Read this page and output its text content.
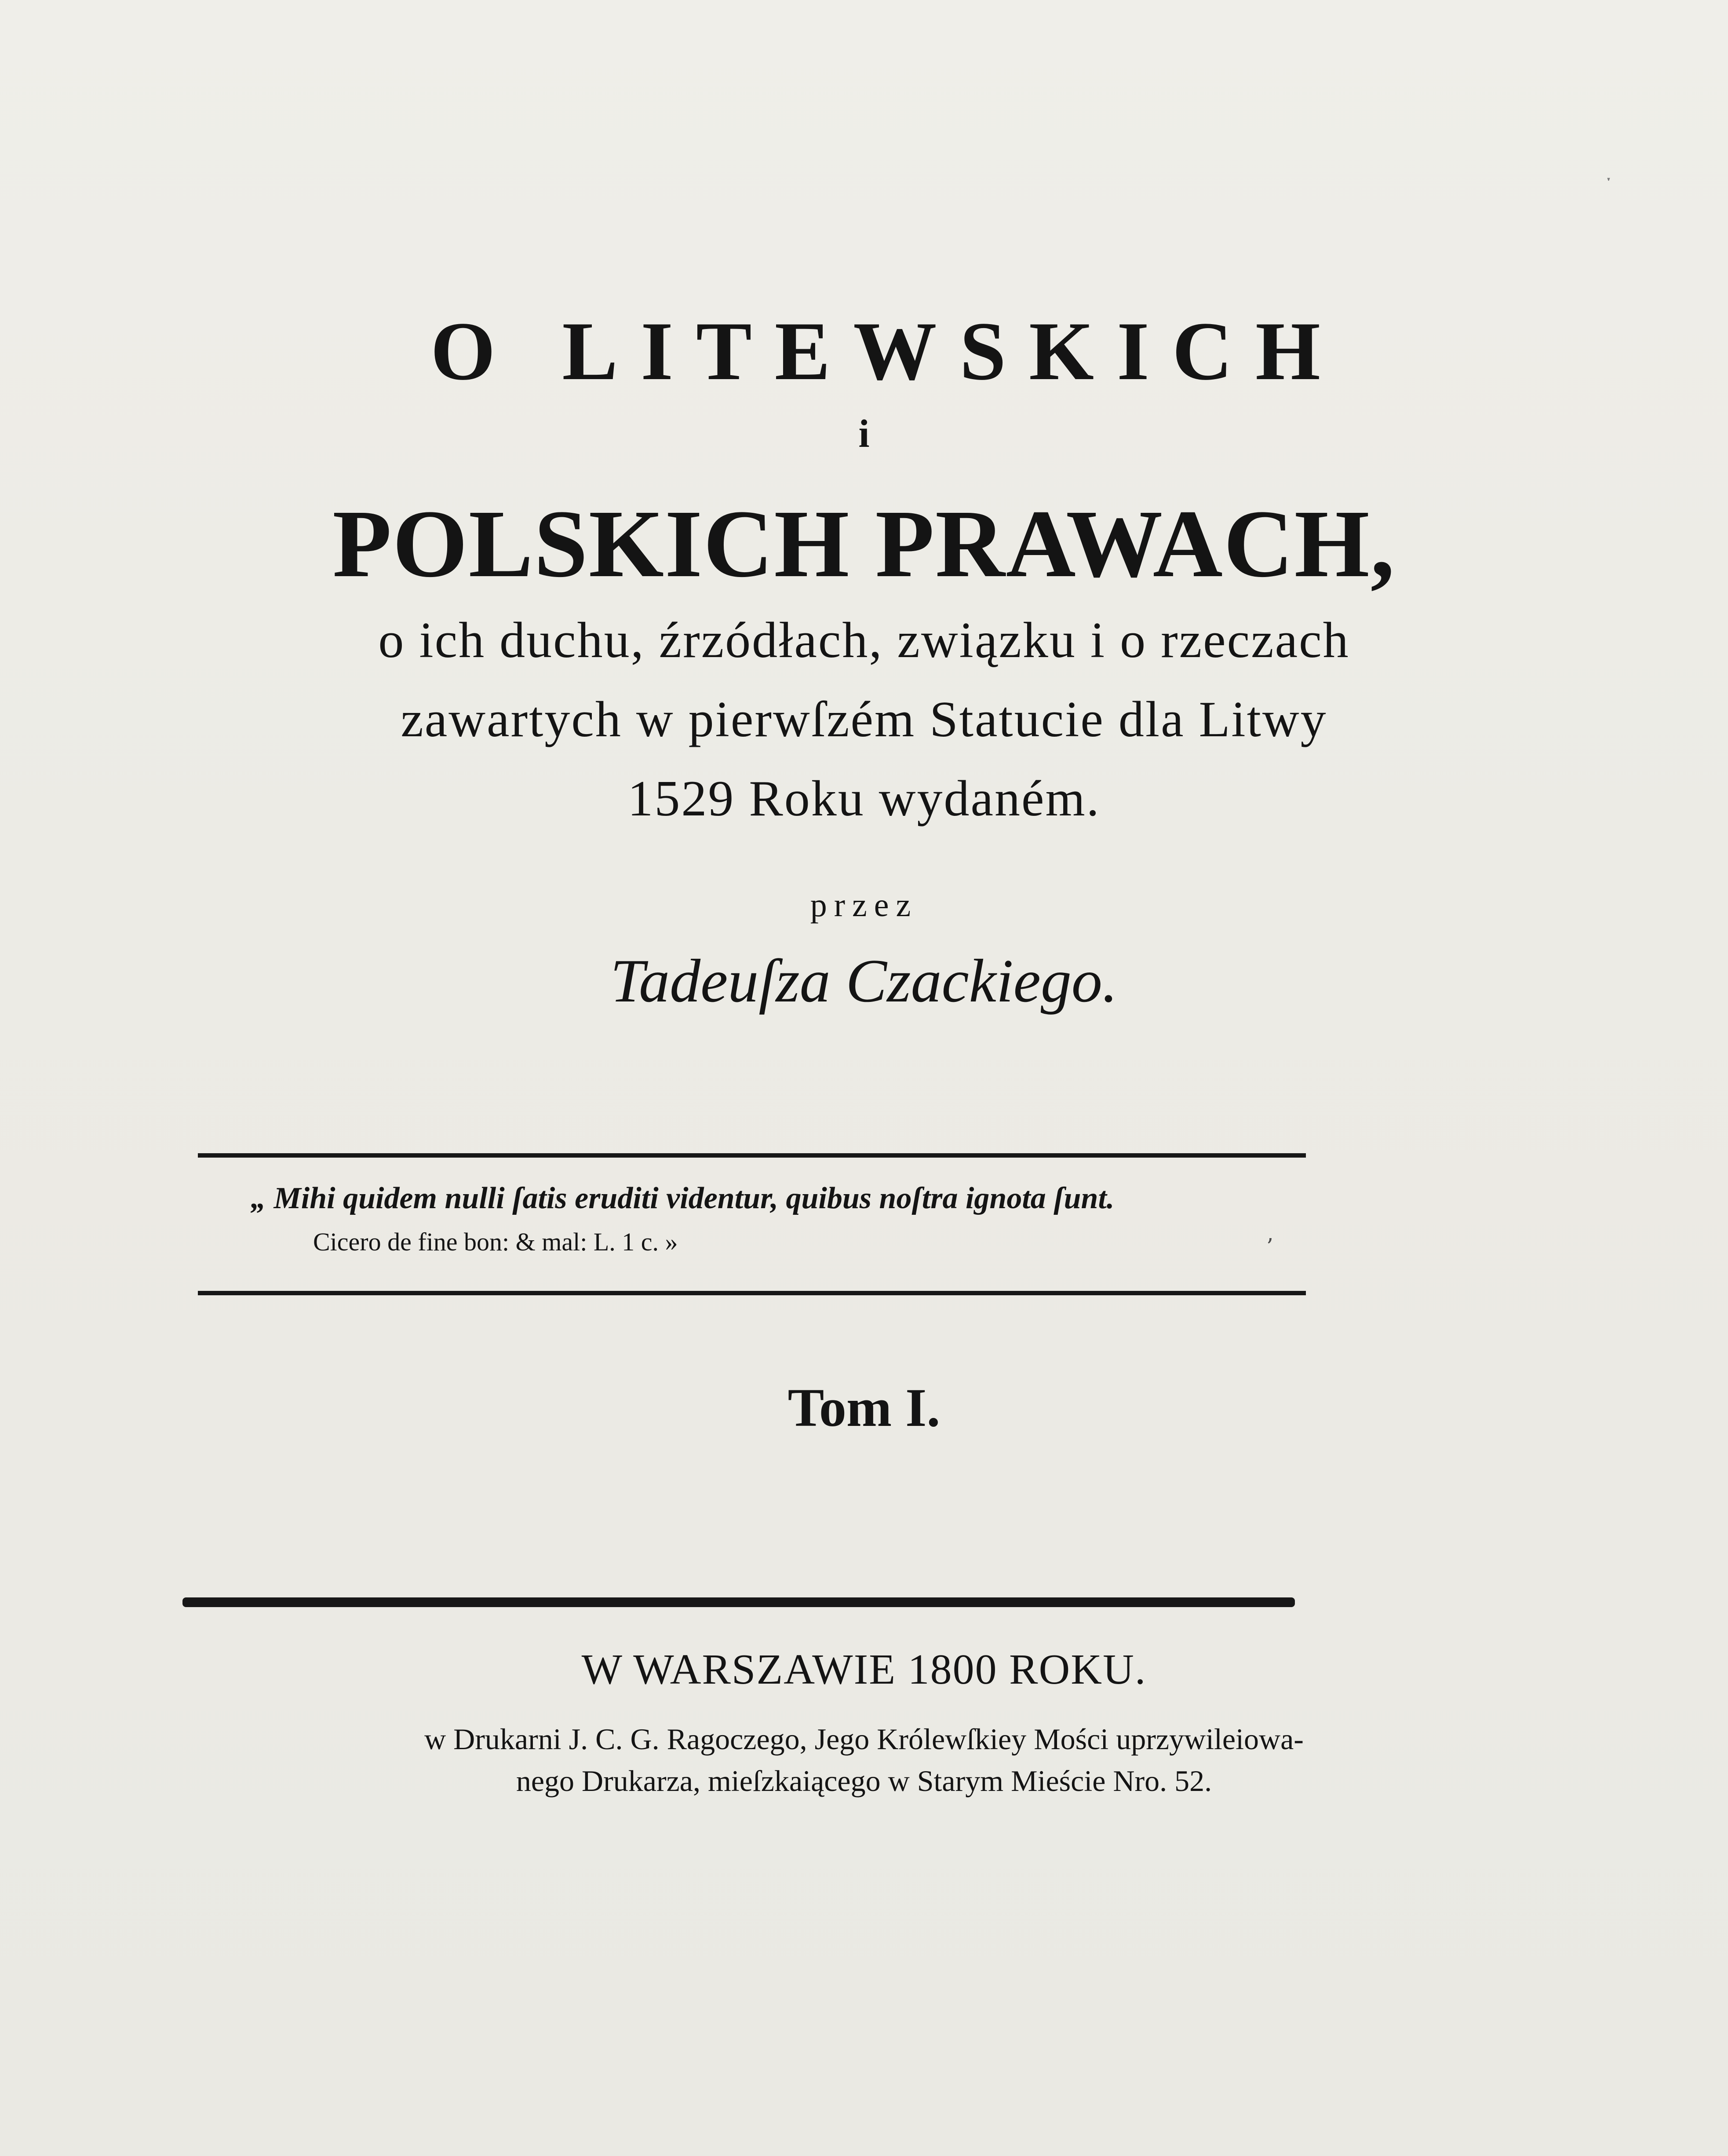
O LITEWSKICH
i
POLSKICH PRAWACH,
o ich duchu, źrzódłach, związku i o rzeczach
zawartych w pierwſzém Statucie dla Litwy
1529 Roku wydaném.
przez
Tadeuſza Czackiego.
„ Mihi quidem nulli ſatis eruditi videntur, quibus noſtra ignota ſunt.
Cicero de fine bon: & mal: L. 1 c. »	’
Tom I.
W WARSZAWIE 1800 ROKU.
w Drukarni J. C. G. Ragoczego, Jego Królewſkiey Mości uprzywileiowa-
nego Drukarza, mieſzkaiącego w Starym Mieście Nro. 52.
ˑ
